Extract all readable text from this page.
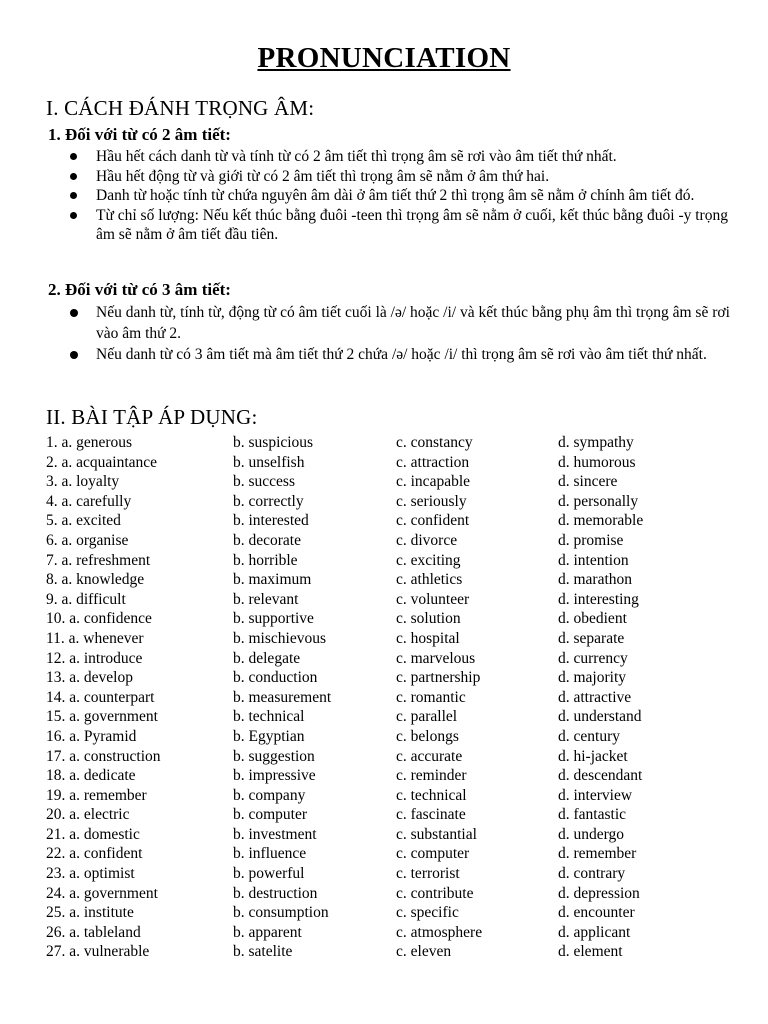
PRONUNCIATION
I. CÁCH ĐÁNH TRỌNG ÂM:
1. Đối với từ có 2 âm tiết:
Hầu hết cách danh từ và tính từ có 2 âm tiết thì trọng âm sẽ rơi vào âm tiết thứ nhất.
Hầu hết động từ và giới từ có 2 âm tiết thì trọng âm sẽ nằm ở âm thứ hai.
Danh từ hoặc tính từ chứa nguyên âm dài ở âm tiết thứ 2 thì trọng âm sẽ nằm ở chính âm tiết đó.
Từ chỉ số lượng: Nếu kết thúc bằng đuôi -teen thì trọng âm sẽ nằm ở cuối, kết thúc bằng đuôi -y trọng âm sẽ nằm ở âm tiết đầu tiên.
2. Đối với từ có 3 âm tiết:
Nếu danh từ, tính từ, động từ có âm tiết cuối là /ə/ hoặc /i/ và kết thúc bằng phụ âm thì trọng âm sẽ rơi vào âm thứ 2.
Nếu danh từ có 3 âm tiết mà âm tiết thứ 2 chứa /ə/ hoặc /i/ thì trọng âm sẽ rơi vào âm tiết thứ nhất.
II. BÀI TẬP ÁP DỤNG:
1. a. generous	b. suspicious	c. constancy	d. sympathy
2. a. acquaintance	b. unselfish	c. attraction	d. humorous
3. a. loyalty	b. success	c. incapable	d. sincere
4. a. carefully	b. correctly	c. seriously	d. personally
5. a. excited	b. interested	c. confident	d. memorable
6. a. organise	b. decorate	c. divorce	d. promise
7. a. refreshment	b. horrible	c. exciting	d. intention
8. a. knowledge	b. maximum	c. athletics	d. marathon
9. a. difficult	b. relevant	c. volunteer	d. interesting
10. a. confidence	b. supportive	c. solution	d. obedient
11. a. whenever	b. mischievous	c. hospital	d. separate
12. a. introduce	b. delegate	c. marvelous	d. currency
13. a. develop	b. conduction	c. partnership	d. majority
14. a. counterpart	b. measurement	c. romantic	d. attractive
15. a. government	b. technical	c. parallel	d. understand
16. a. Pyramid	b. Egyptian	c. belongs	d. century
17. a. construction	b. suggestion	c. accurate	d. hi-jacket
18. a. dedicate	b. impressive	c. reminder	d. descendant
19. a. remember	b. company	c. technical	d. interview
20. a. electric	b. computer	c. fascinate	d. fantastic
21. a. domestic	b. investment	c. substantial	d. undergo
22. a. confident	b. influence	c. computer	d. remember
23. a. optimist	b. powerful	c. terrorist	d. contrary
24. a. government	b. destruction	c. contribute	d. depression
25. a. institute	b. consumption	c. specific	d. encounter
26. a. tableland	b. apparent	c. atmosphere	d. applicant
27. a. vulnerable	b. satelite	c. eleven	d. element
